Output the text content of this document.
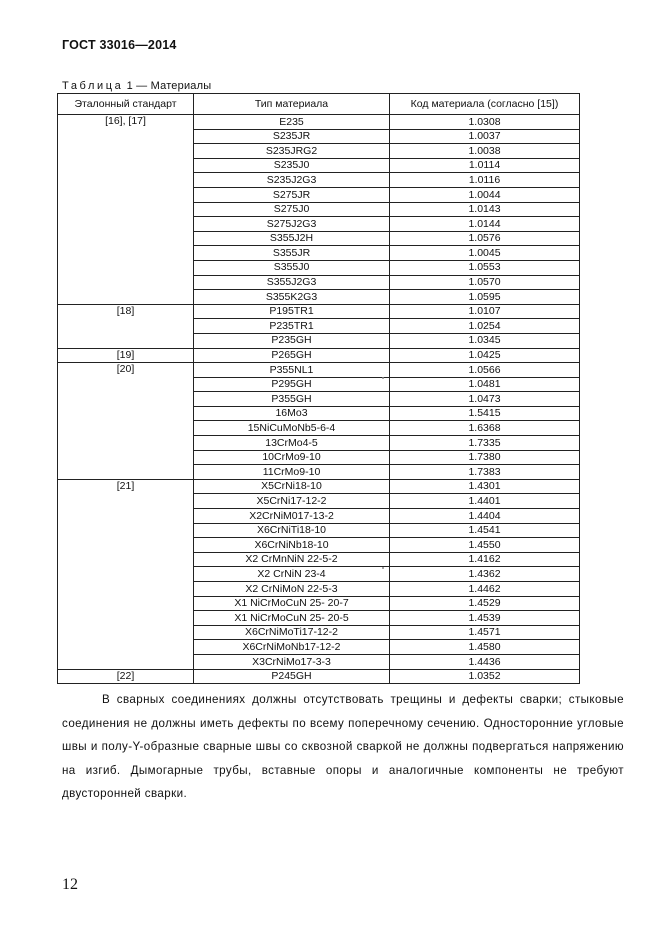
ГОСТ 33016—2014
Таблица 1 — Материалы
Эталонный стандарт	Тип материала	Код материала (согласно [15])
[16], [17]	E235	1.0308
	S235JR	1.0037
	S235JRG2	1.0038
	S235J0	1.0114
	S235J2G3	1.0116
	S275JR	1.0044
	S275J0	1.0143
	S275J2G3	1.0144
	S355J2H	1.0576
	S355JR	1.0045
	S355J0	1.0553
	S355J2G3	1.0570
	S355K2G3	1.0595
[18]	P195TR1	1.0107
	P235TR1	1.0254
	P235GH	1.0345
[19]	P265GH	1.0425
[20]	P355NL1	1.0566
	P295GH	1.0481
	P355GH	1.0473
	16Mo3	1.5415
	15NiCuMoNb5-6-4	1.6368
	13CrMo4-5	1.7335
	10CrMo9-10	1.7380
	11CrMo9-10	1.7383
[21]	X5CrNi18-10	1.4301
	X5CrNi17-12-2	1.4401
	X2CrNiM017-13-2	1.4404
	X6CrNiTi18-10	1.4541
	X6CrNiNb18-10	1.4550
	X2 CrMnNiN 22-5-2	1.4162
	X2 CrNiN 23-4	1.4362
	X2 CrNiMoN 22-5-3	1.4462
	X1 NiCrMoCuN 25- 20-7	1.4529
	X1 NiCrMoCuN 25- 20-5	1.4539
	X6CrNiMoTi17-12-2	1.4571
	X6CrNiMoNb17-12-2	1.4580
	X3CrNiMo17-3-3	1.4436
[22]	P245GH	1.0352

В сварных соединениях должны отсутствовать трещины и дефекты сварки; стыковые соединения не должны иметь дефекты по всему поперечному сечению. Односторонние угловые швы и полу-Y-образные сварные швы со сквозной сваркой не должны подвергаться напряжению на изгиб. Дымогарные трубы, вставные опоры и аналогичные компоненты не требуют двусторонней сварки.

12
